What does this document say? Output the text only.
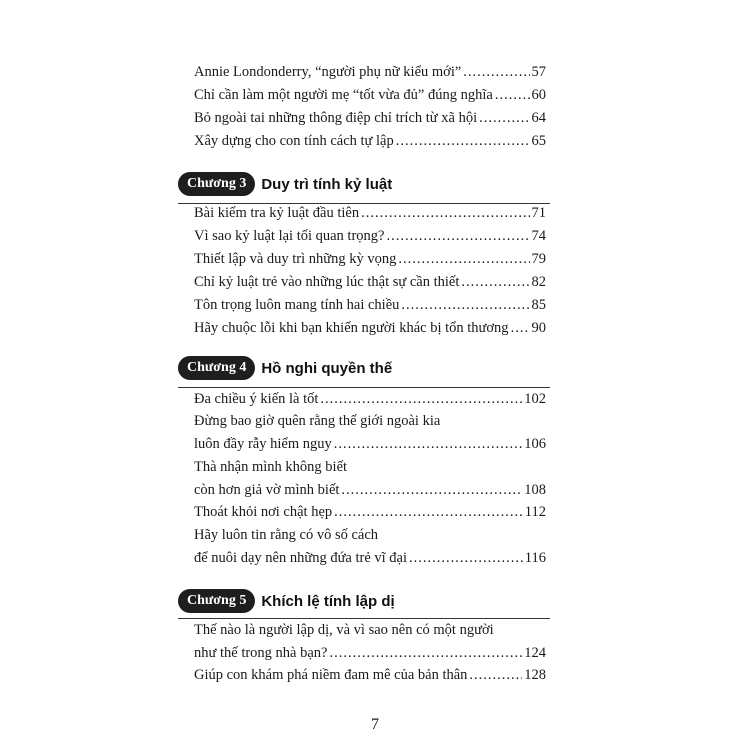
Annie Londonderry, “người phụ nữ kiểu mới” .....	57
Chỉ cần làm một người mẹ “tốt vừa đủ” đúng nghĩa .....	60
Bỏ ngoài tai những thông điệp chỉ trích từ xã hội .....	64
Xây dựng cho con tính cách tự lập .....	65
Chương 3	Duy trì tính kỷ luật
Bài kiểm tra kỷ luật đầu tiên .....	71
Vì sao kỷ luật lại tối quan trọng? .....	74
Thiết lập và duy trì những kỳ vọng .....	79
Chỉ kỷ luật trẻ vào những lúc thật sự cần thiết .....	82
Tôn trọng luôn mang tính hai chiều .....	85
Hãy chuộc lỗi khi bạn khiến người khác bị tổn thương ..... 90
Chương 4	Hồ nghi quyền thế
Đa chiều ý kiến là tốt .....	102
Đừng bao giờ quên rằng thế giới ngoài kia
luôn đầy rẫy hiểm nguy .....	106
Thà nhận mình không biết
còn hơn giả vờ mình biết .....	108
Thoát khỏi nơi chật hẹp .....	112
Hãy luôn tin rằng có vô số cách
để nuôi dạy nên những đứa trẻ vĩ đại .....	116
Chương 5	Khích lệ tính lập dị
Thế nào là người lập dị, và vì sao nên có một người
như thế trong nhà bạn? .....	124
Giúp con khám phá niềm đam mê của bản thân .....	128
7
